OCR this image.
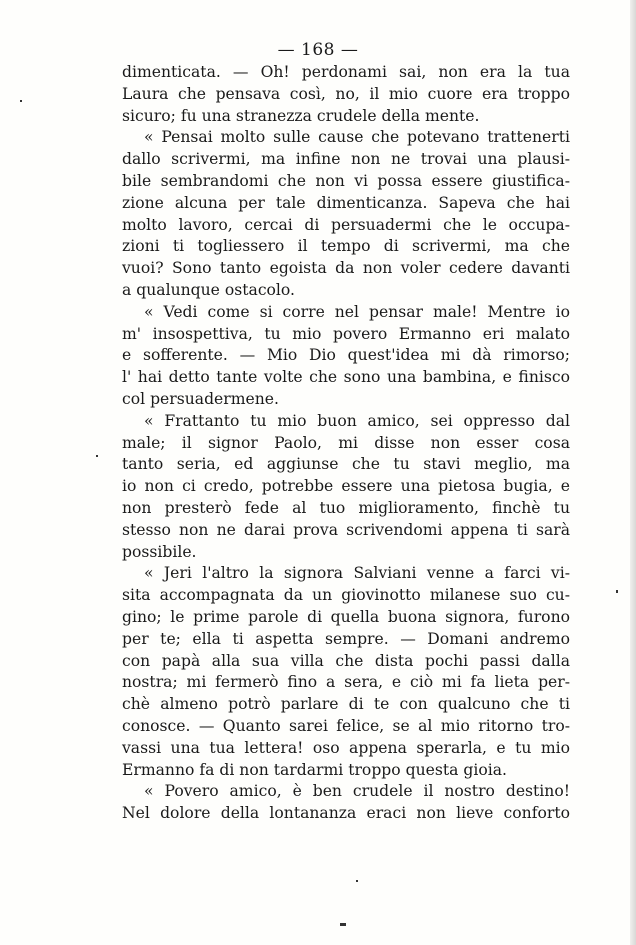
— 168 —
dimenticata. — Oh! perdonami sai, non era la tua
Laura che pensava così, no, il mio cuore era troppo
sicuro; fu una stranezza crudele della mente.
« Pensai molto sulle cause che potevano trattenerti
dallo scrivermi, ma infine non ne trovai una plausi-
bile sembrandomi che non vi possa essere giustifica-
zione alcuna per tale dimenticanza. Sapeva che hai
molto lavoro, cercai di persuadermi che le occupa-
zioni ti togliessero il tempo di scrivermi, ma che
vuoi? Sono tanto egoista da non voler cedere davanti
a qualunque ostacolo.
« Vedi come si corre nel pensar male! Mentre io
m' insospettiva, tu mio povero Ermanno eri malato
e sofferente. — Mio Dio quest'idea mi dà rimorso;
l' hai detto tante volte che sono una bambina, e finisco
col persuadermene.
« Frattanto tu mio buon amico, sei oppresso dal
male; il signor Paolo, mi disse non esser cosa
tanto seria, ed aggiunse che tu stavi meglio, ma
io non ci credo, potrebbe essere una pietosa bugia, e
non presterò fede al tuo miglioramento, finchè tu
stesso non ne darai prova scrivendomi appena ti sarà
possibile.
« Jeri l'altro la signora Salviani venne a farci vi-
sita accompagnata da un giovinotto milanese suo cu-
gino; le prime parole di quella buona signora, furono
per te; ella ti aspetta sempre. — Domani andremo
con papà alla sua villa che dista pochi passi dalla
nostra; mi fermerò fino a sera, e ciò mi fa lieta per-
chè almeno potrò parlare di te con qualcuno che ti
conosce. — Quanto sarei felice, se al mio ritorno tro-
vassi una tua lettera! oso appena sperarla, e tu mio
Ermanno fa di non tardarmi troppo questa gioia.
« Povero amico, è ben crudele il nostro destino!
Nel dolore della lontananza eraci non lieve conforto
